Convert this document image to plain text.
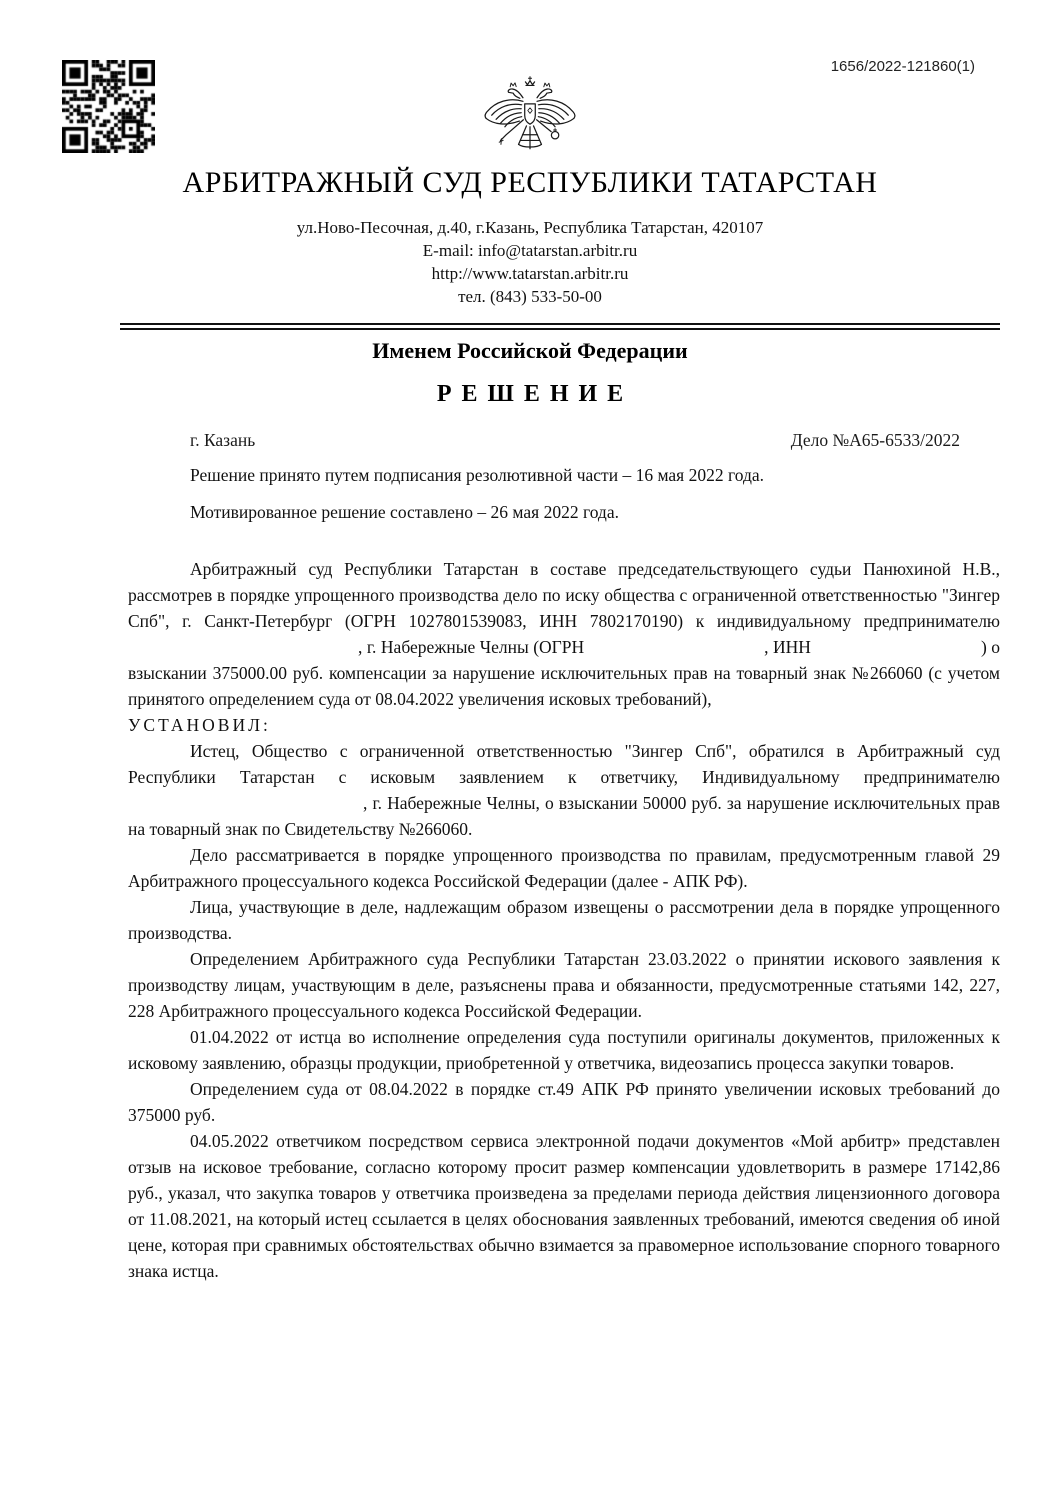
1656/2022-121860(1)
АРБИТРАЖНЫЙ СУД РЕСПУБЛИКИ ТАТАРСТАН
ул.Ново-Песочная, д.40, г.Казань, Республика Татарстан, 420107
E-mail: info@tatarstan.arbitr.ru
http://www.tatarstan.arbitr.ru
тел. (843) 533-50-00
Именем Российской Федерации
РЕШЕНИЕ
г. Казань	Дело №А65-6533/2022

Решение принято путем подписания резолютивной части – 16 мая 2022 года.

Мотивированное решение составлено – 26 мая 2022 года.

Арбитражный суд Республики Татарстан в составе председательствующего судьи Панюхиной Н.В., рассмотрев в порядке упрощенного производства дело по иску общества с ограниченной ответственностью "Зингер Спб", г. Санкт-Петербург (ОГРН 1027801539083, ИНН 7802170190) к индивидуальному предпринимателю, г. Набережные Челны (ОГРН	, ИНН	) о взыскании 375000.00 руб. компенсации за нарушение исключительных прав на товарный знак №266060 (с учетом принятого определением суда от 08.04.2022 увеличения исковых требований),

УСТАНОВИЛ:

Истец, Общество с ограниченной ответственностью "Зингер Спб", обратился в Арбитражный суд Республики Татарстан с исковым заявлением к ответчику, Индивидуальному предпринимателю, г. Набережные Челны, о взыскании 50000 руб. за нарушение исключительных прав на товарный знак по Свидетельству №266060.

Дело рассматривается в порядке упрощенного производства по правилам, предусмотренным главой 29 Арбитражного процессуального кодекса Российской Федерации (далее - АПК РФ).

Лица, участвующие в деле, надлежащим образом извещены о рассмотрении дела в порядке упрощенного производства.

Определением Арбитражного суда Республики Татарстан 23.03.2022 о принятии искового заявления к производству лицам, участвующим в деле, разъяснены права и обязанности, предусмотренные статьями 142, 227, 228 Арбитражного процессуального кодекса Российской Федерации.

01.04.2022 от истца во исполнение определения суда поступили оригиналы документов, приложенных к исковому заявлению, образцы продукции, приобретенной у ответчика, видеозапись процесса закупки товаров.

Определением суда от 08.04.2022 в порядке ст.49 АПК РФ принято увеличении исковых требований до 375000 руб.

04.05.2022 ответчиком посредством сервиса электронной подачи документов «Мой арбитр» представлен отзыв на исковое требование, согласно которому просит размер компенсации удовлетворить в размере 17142,86 руб., указал, что закупка товаров у ответчика произведена за пределами периода действия лицензионного договора от 11.08.2021, на который истец ссылается в целях обоснования заявленных требований, имеются сведения об иной цене, которая при сравнимых обстоятельствах обычно взимается за правомерное использование спорного товарного знака истца.
